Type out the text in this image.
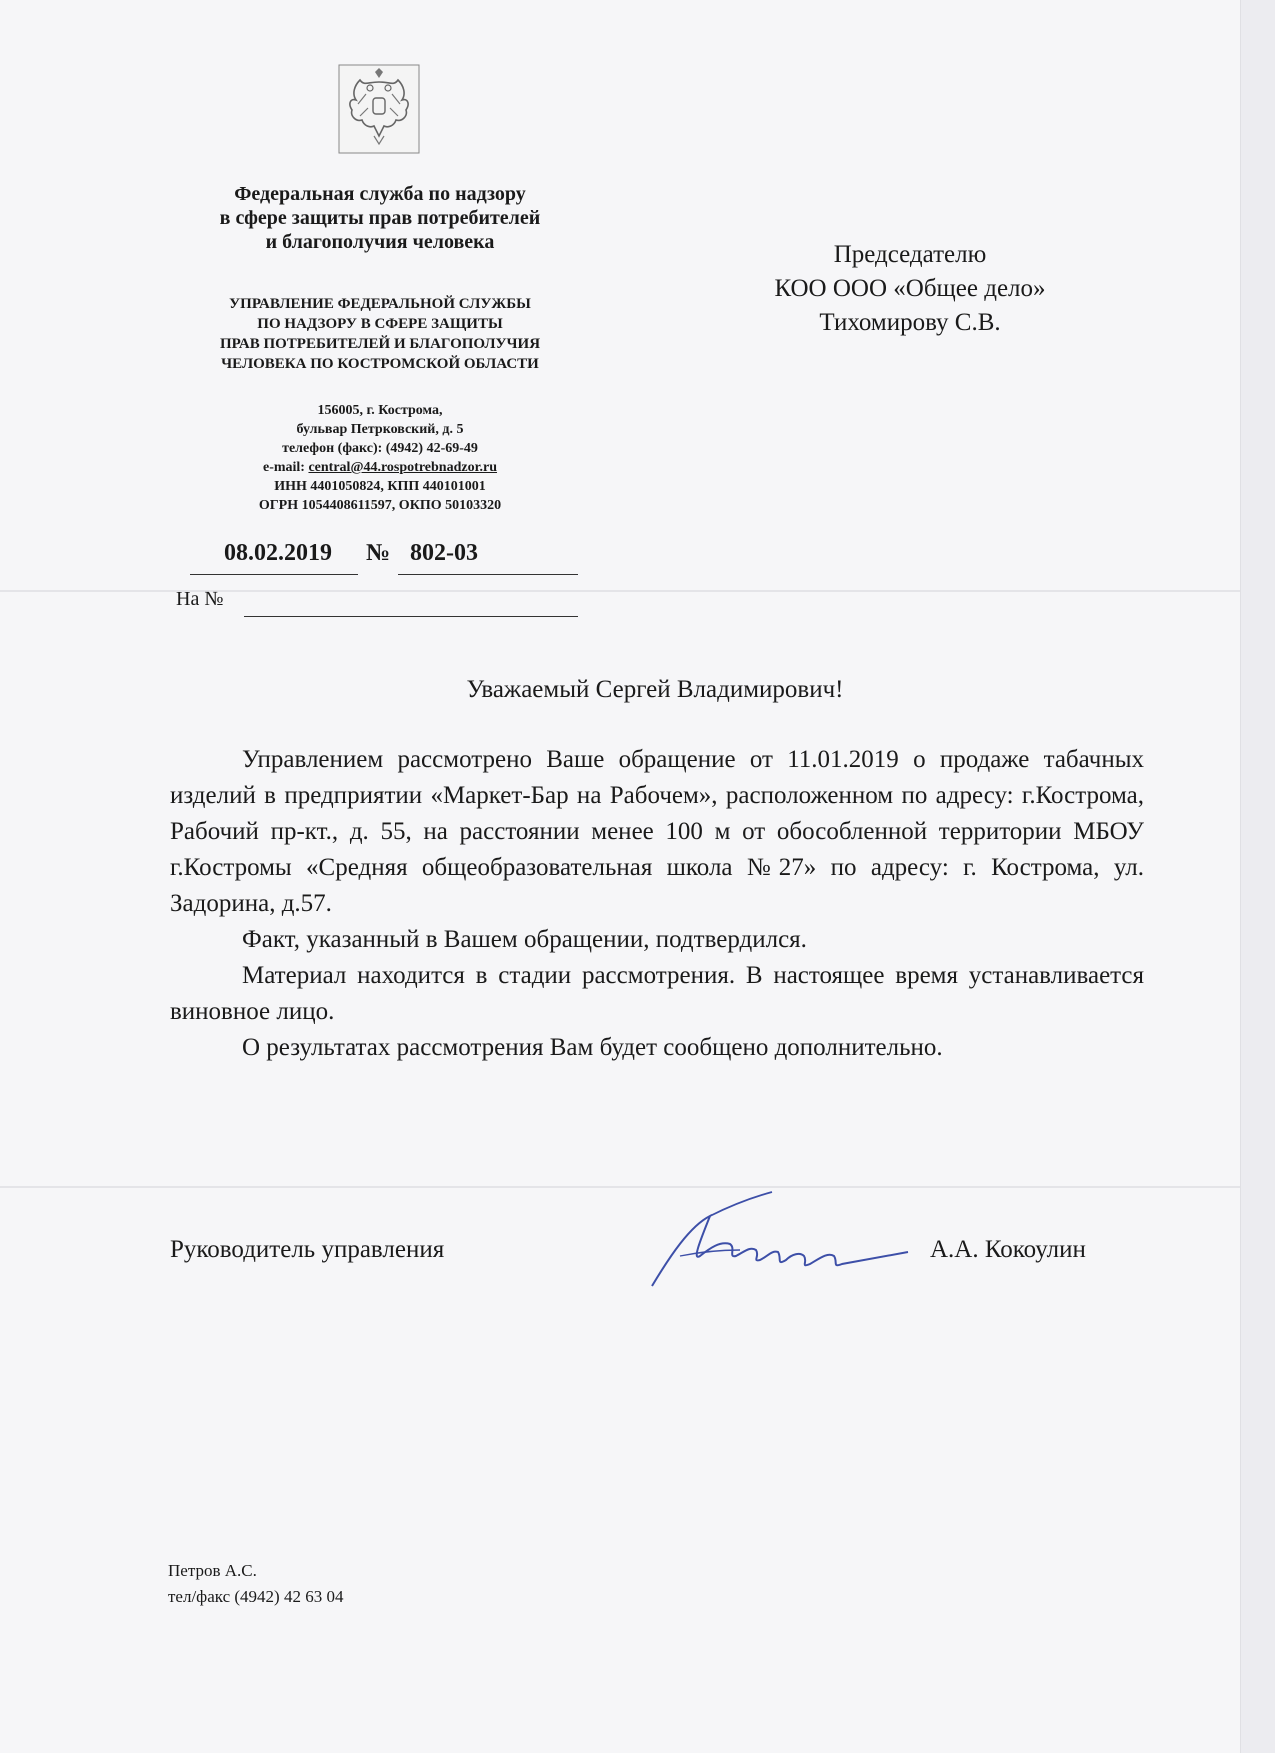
Федеральная служба по надзору
в сфере защиты прав потребителей
и благополучия человека
УПРАВЛЕНИЕ ФЕДЕРАЛЬНОЙ СЛУЖБЫ
ПО НАДЗОРУ В СФЕРЕ ЗАЩИТЫ
ПРАВ ПОТРЕБИТЕЛЕЙ И БЛАГОПОЛУЧИЯ
ЧЕЛОВЕКА ПО КОСТРОМСКОЙ ОБЛАСТИ
156005, г. Кострома,
бульвар Петрковский, д. 5
телефон (факс): (4942) 42-69-49
e-mail: central@44.rospotrebnadzor.ru
ИНН 4401050824, КПП 440101001
ОГРН 1054408611597, ОКПО 50103320
08.02.2019 № 802-03
На №
Председателю
КОО ООО «Общее дело»
Тихомирову С.В.
Уважаемый Сергей Владимирович!

Управлением рассмотрено Ваше обращение от 11.01.2019 о продаже табачных изделий в предприятии «Маркет-Бар на Рабочем», расположенном по адресу: г.Кострома, Рабочий пр-кт., д. 55, на расстоянии менее 100 м от обособленной территории МБОУ г.Костромы «Средняя общеобразовательная школа №27» по адресу: г. Кострома, ул. Задорина, д.57.

Факт, указанный в Вашем обращении, подтвердился.

Материал находится в стадии рассмотрения. В настоящее время устанавливается виновное лицо.

О результатах рассмотрения Вам будет сообщено дополнительно.

Руководитель управления	А.А. Кокоулин
Петров А.С.
тел/факс (4942) 42 63 04
